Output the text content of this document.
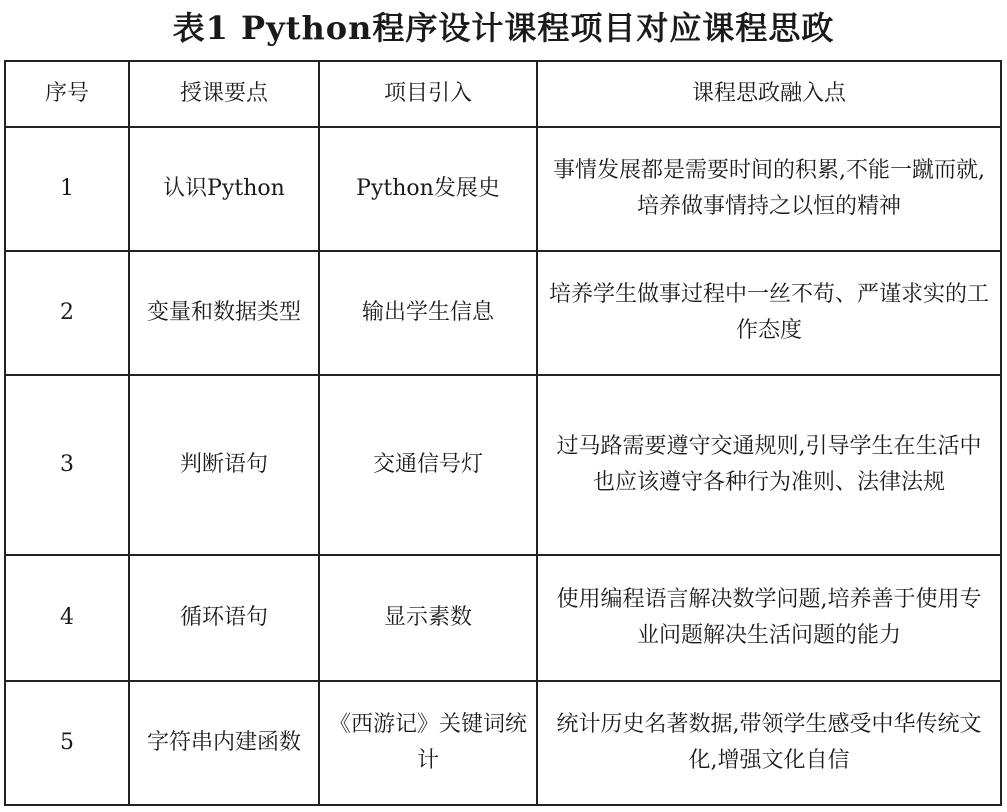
表1 Python程序设计课程项目对应课程思政
序号	授课要点	项目引入	课程思政融入点
1	认识Python	Python发展史	事情发展都是需要时间的积累,不能一蹴而就,培养做事情持之以恒的精神
2	变量和数据类型	输出学生信息	培养学生做事过程中一丝不苟、严谨求实的工作态度
3	判断语句	交通信号灯	过马路需要遵守交通规则,引导学生在生活中也应该遵守各种行为准则、法律法规
4	循环语句	显示素数	使用编程语言解决数学问题,培养善于使用专业问题解决生活问题的能力
5	字符串内建函数	《西游记》关键词统计	统计历史名著数据,带领学生感受中华传统文化,增强文化自信
